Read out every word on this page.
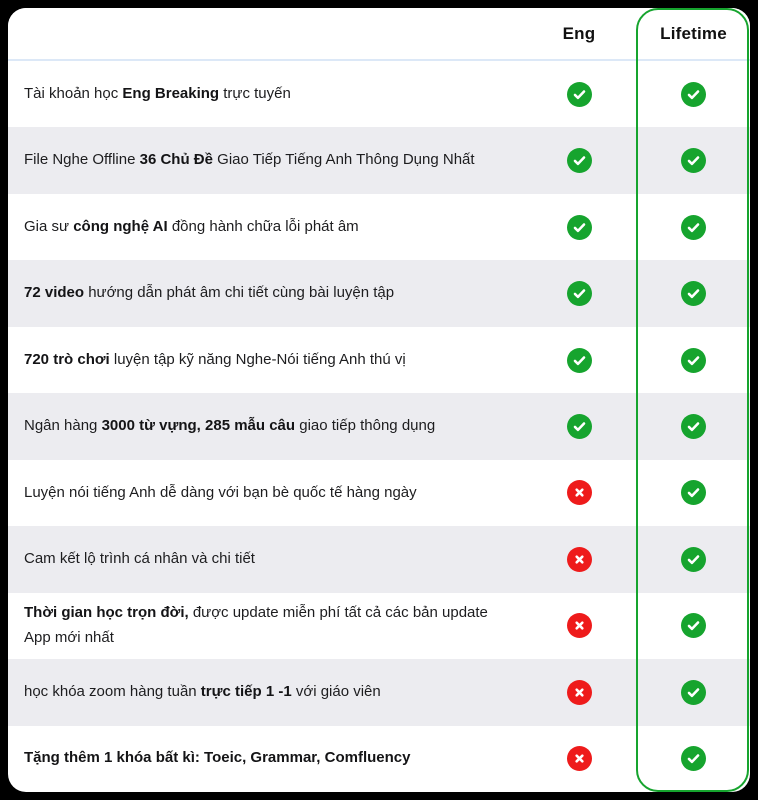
Eng	Lifetime
Tài khoản học Eng Breaking trực tuyến
File Nghe Offline 36 Chủ Đề Giao Tiếp Tiếng Anh Thông Dụng Nhất
Gia sư công nghệ AI đồng hành chữa lỗi phát âm
72 video hướng dẫn phát âm chi tiết cùng bài luyện tập
720 trò chơi luyện tập kỹ năng Nghe-Nói tiếng Anh thú vị
Ngân hàng 3000 từ vựng, 285 mẫu câu giao tiếp thông dụng
Luyện nói tiếng Anh dễ dàng với bạn bè quốc tế hàng ngày
Cam kết lộ trình cá nhân và chi tiết
Thời gian học trọn đời, được update miễn phí tất cả các bản update App mới nhất
học khóa zoom hàng tuần trực tiếp 1 -1 với giáo viên
Tặng thêm 1 khóa bất kì: Toeic, Grammar, Comfluency
